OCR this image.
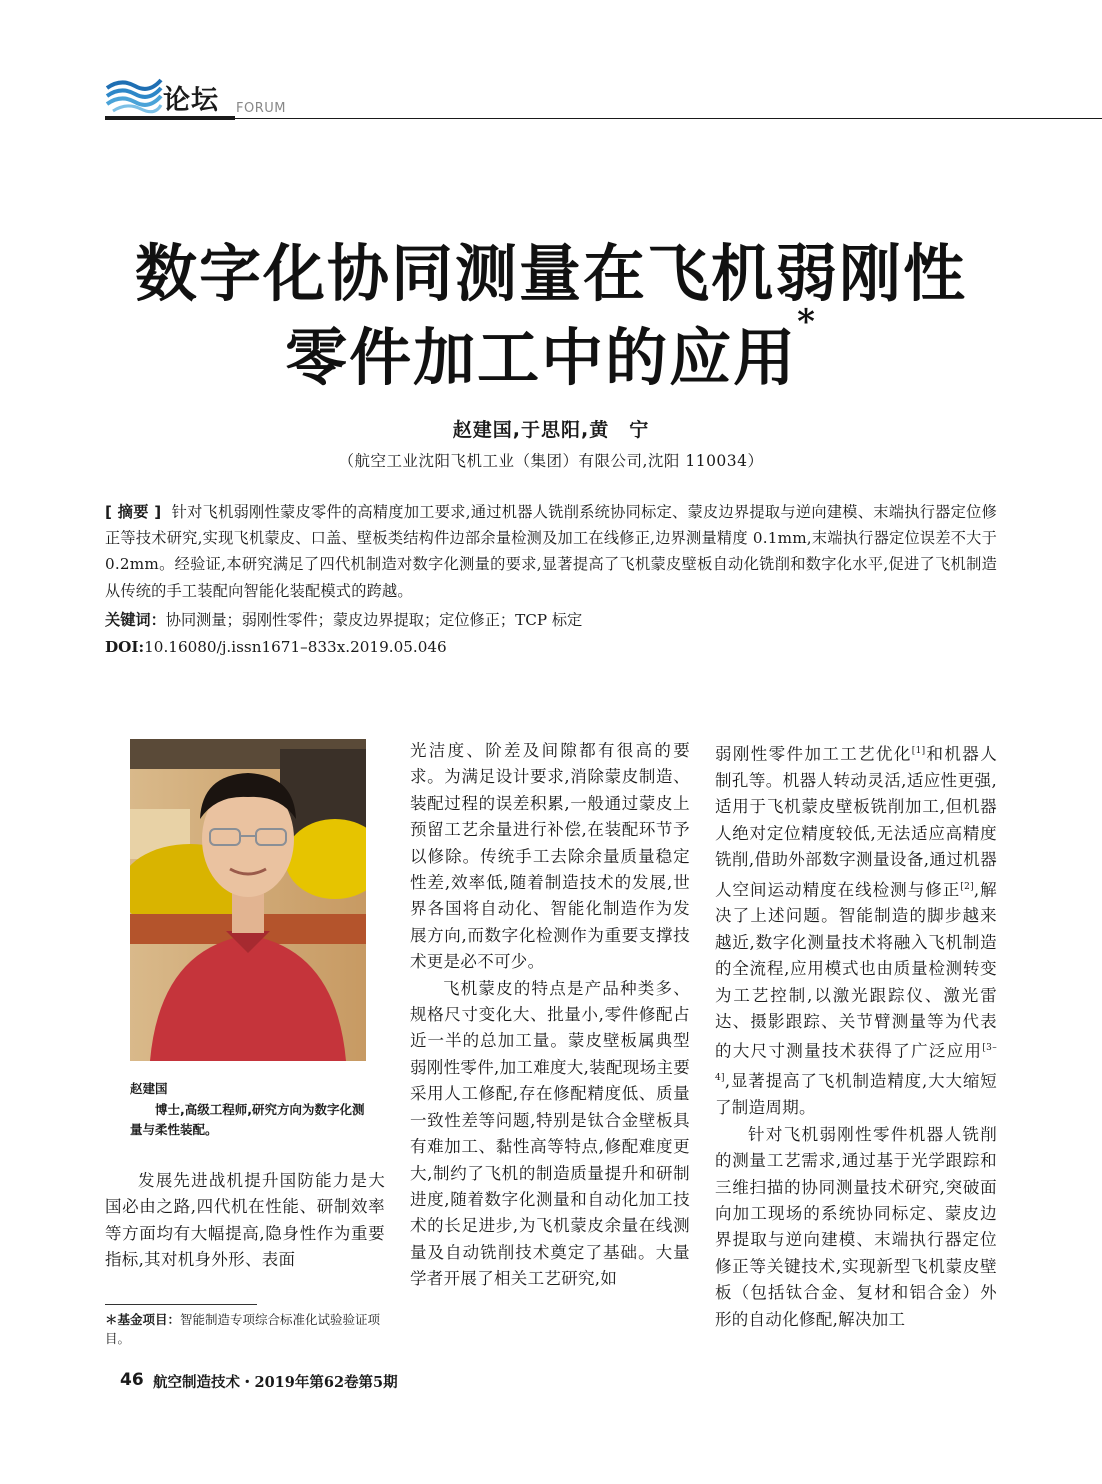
论坛 FORUM
数字化协同测量在飞机弱刚性
零件加工中的应用*
赵建国,于思阳,黄　宁
（航空工业沈阳飞机工业（集团）有限公司,沈阳 110034）
[ 摘要 ] 针对飞机弱刚性蒙皮零件的高精度加工要求,通过机器人铣削系统协同标定、蒙皮边界提取与逆向建模、末端执行器定位修正等技术研究,实现飞机蒙皮、口盖、壁板类结构件边部余量检测及加工在线修正,边界测量精度 0.1mm,末端执行器定位误差不大于 0.2mm。经验证,本研究满足了四代机制造对数字化测量的要求,显著提高了飞机蒙皮壁板自动化铣削和数字化水平,促进了飞机制造从传统的手工装配向智能化装配模式的跨越。
关键词：协同测量；弱刚性零件；蒙皮边界提取；定位修正；TCP 标定
DOI:10.16080/j.issn1671–833x.2019.05.046
赵建国
博士,高级工程师,研究方向为数字化测量与柔性装配。

发展先进战机提升国防能力是大国必由之路,四代机在性能、研制效率等方面均有大幅提高,隐身性作为重要指标,其对机身外形、表面

光洁度、阶差及间隙都有很高的要求。为满足设计要求,消除蒙皮制造、装配过程的误差积累,一般通过蒙皮上预留工艺余量进行补偿,在装配环节予以修除。传统手工去除余量质量稳定性差,效率低,随着制造技术的发展,世界各国将自动化、智能化制造作为发展方向,而数字化检测作为重要支撑技术更是必不可少。

飞机蒙皮的特点是产品种类多、规格尺寸变化大、批量小,零件修配占近一半的总加工量。蒙皮壁板属典型弱刚性零件,加工难度大,装配现场主要采用人工修配,存在修配精度低、质量一致性差等问题,特别是钛合金壁板具有难加工、黏性高等特点,修配难度更大,制约了飞机的制造质量提升和研制进度,随着数字化测量和自动化加工技术的长足进步,为飞机蒙皮余量在线测量及自动铣削技术奠定了基础。大量学者开展了相关工艺研究,如

弱刚性零件加工工艺优化[1]和机器人制孔等。机器人转动灵活,适应性更强,适用于飞机蒙皮壁板铣削加工,但机器人绝对定位精度较低,无法适应高精度铣削,借助外部数字测量设备,通过机器人空间运动精度在线检测与修正[2],解决了上述问题。智能制造的脚步越来越近,数字化测量技术将融入飞机制造的全流程,应用模式也由质量检测转变为工艺控制,以激光跟踪仪、激光雷达、摄影跟踪、关节臂测量等为代表的大尺寸测量技术获得了广泛应用[3–4],显著提高了飞机制造精度,大大缩短了制造周期。

针对飞机弱刚性零件机器人铣削的测量工艺需求,通过基于光学跟踪和三维扫描的协同测量技术研究,突破面向加工现场的系统协同标定、蒙皮边界提取与逆向建模、末端执行器定位修正等关键技术,实现新型飞机蒙皮壁板（包括钛合金、复材和铝合金）外形的自动化修配,解决加工

＊基金项目：智能制造专项综合标准化试验验证项目。
46 航空制造技术・2019年第62卷第5期
